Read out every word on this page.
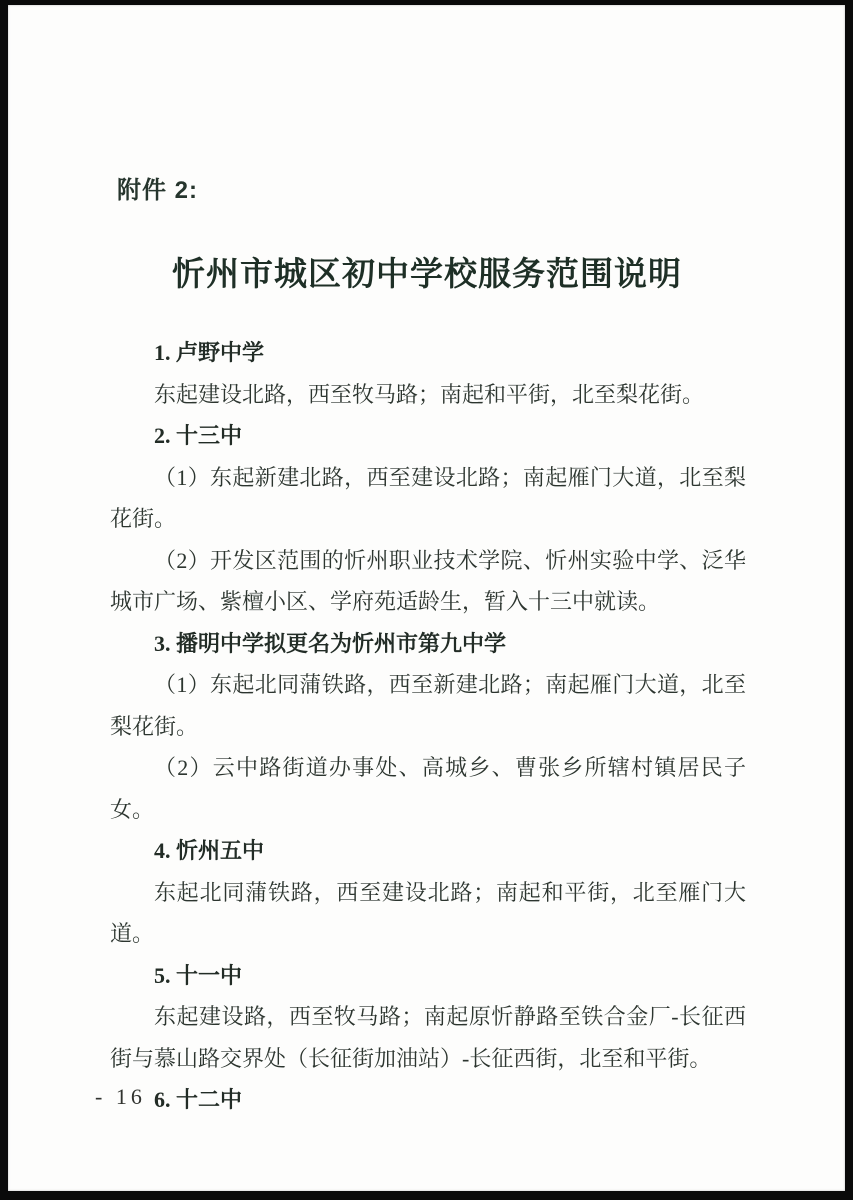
附件 2:
忻州市城区初中学校服务范围说明
1. 卢野中学

东起建设北路，西至牧马路；南起和平街，北至梨花街。

2. 十三中

（1）东起新建北路，西至建设北路；南起雁门大道，北至梨花街。

（2）开发区范围的忻州职业技术学院、忻州实验中学、泛华城市广场、紫檀小区、学府苑适龄生，暂入十三中就读。

3. 播明中学拟更名为忻州市第九中学

（1）东起北同蒲铁路，西至新建北路；南起雁门大道，北至梨花街。

（2）云中路街道办事处、高城乡、曹张乡所辖村镇居民子女。

4. 忻州五中

东起北同蒲铁路，西至建设北路；南起和平街，北至雁门大道。

5. 十一中

东起建设路，西至牧马路；南起原忻静路至铁合金厂-长征西街与慕山路交界处（长征街加油站）-长征西街，北至和平街。

6. 十二中
- 16 -
